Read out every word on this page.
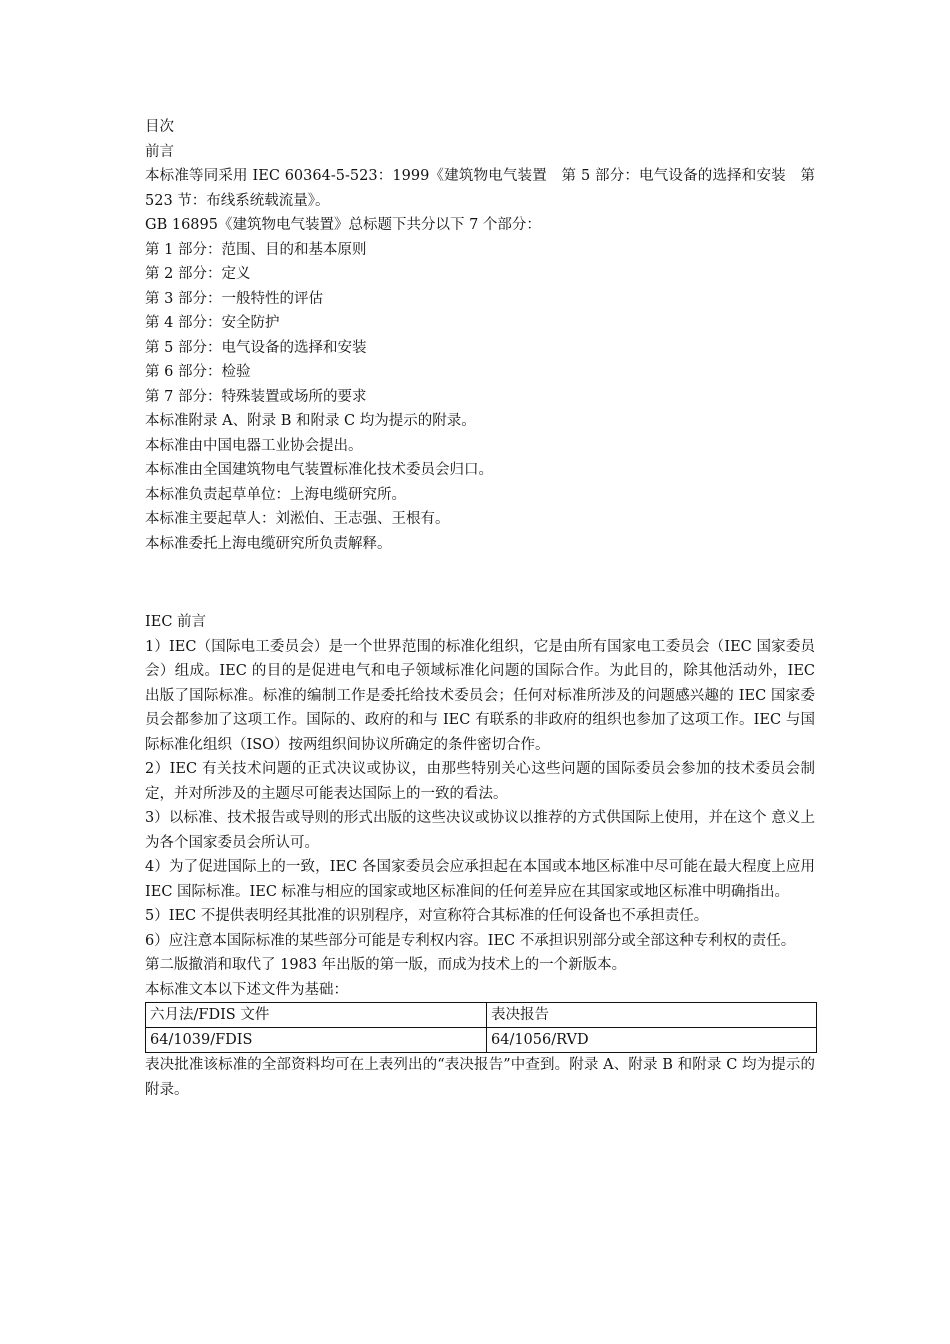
目次

前言

本标准等同采用 IEC 60364-5-523：1999《建筑物电气装置　第 5 部分：电气设备的选择和安装　第 523 节：布线系统载流量》。

GB 16895《建筑物电气装置》总标题下共分以下 7 个部分：

第 1 部分：范围、目的和基本原则

第 2 部分：定义

第 3 部分：一般特性的评估

第 4 部分：安全防护

第 5 部分：电气设备的选择和安装

第 6 部分：检验

第 7 部分：特殊装置或场所的要求

本标准附录 A、附录 B 和附录 C 均为提示的附录。

本标准由中国电器工业协会提出。

本标准由全国建筑物电气装置标准化技术委员会归口。

本标准负责起草单位：上海电缆研究所。

本标准主要起草人：刘淞伯、王志强、王根有。

本标准委托上海电缆研究所负责解释。

IEC 前言

1）IEC（国际电工委员会）是一个世界范围的标准化组织，它是由所有国家电工委员会（IEC 国家委员会）组成。IEC 的目的是促进电气和电子领域标准化问题的国际合作。为此目的，除其他活动外，IEC 出版了国际标准。标准的编制工作是委托给技术委员会；任何对标准所涉及的问题感兴趣的 IEC 国家委员会都参加了这项工作。国际的、政府的和与 IEC 有联系的非政府的组织也参加了这项工作。IEC 与国际标准化组织（ISO）按两组织间协议所确定的条件密切合作。

2）IEC 有关技术问题的正式决议或协议，由那些特别关心这些问题的国际委员会参加的技术委员会制定，并对所涉及的主题尽可能表达国际上的一致的看法。

3）以标准、技术报告或导则的形式出版的这些决议或协议以推荐的方式供国际上使用，并在这个 意义上为各个国家委员会所认可。

4）为了促进国际上的一致，IEC 各国家委员会应承担起在本国或本地区标准中尽可能在最大程度上应用 IEC 国际标准。IEC 标准与相应的国家或地区标准间的任何差异应在其国家或地区标准中明确指出。

5）IEC 不提供表明经其批准的识别程序，对宣称符合其标准的任何设备也不承担责任。

6）应注意本国际标准的某些部分可能是专利权内容。IEC 不承担识别部分或全部这种专利权的责任。

第二版撤消和取代了 1983 年出版的第一版，而成为技术上的一个新版本。

本标准文本以下述文件为基础：

六月法/FDIS 文件	表决报告
64/1039/FDIS	64/1056/RVD

表决批准该标准的全部资料均可在上表列出的“表决报告”中查到。附录 A、附录 B 和附录 C 均为提示的附录。
